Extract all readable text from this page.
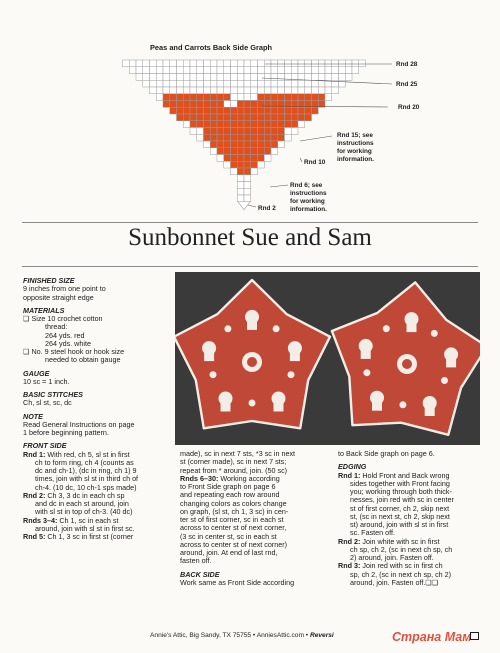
Peas and Carrots Back Side Graph
Rnd 28
Rnd 25
Rnd 20
Rnd 15; see
instructions
for working
information.
Rnd 10
Rnd 6; see
instructions
for working
information.
Rnd 2
Sunbonnet Sue and Sam
FINISHED SIZE
9 inches from one point to
opposite straight edge
MATERIALS
❑ Size 10 crochet cotton
thread:
264 yds. red
264 yds. white
❑ No. 9 steel hook or hook size
needed to obtain gauge
GAUGE
10 sc = 1 inch.
BASIC STITCHES
Ch, sl st, sc, dc
NOTE
Read General Instructions on page
1 before beginning pattern.
FRONT SIDE
Rnd 1: With red, ch 5, sl st in first
ch to form ring, ch 4 (counts as
dc and ch-1), (dc in ring, ch 1) 9
times, join with sl st in third ch of
ch-4. (10 dc, 10 ch-1 sps made)
Rnd 2: Ch 3, 3 dc in each ch sp
and dc in each st around, join
with sl st in top of ch-3. (40 dc)
Rnds 3–4: Ch 1, sc in each st
around, join with sl st in first sc.
Rnd 5: Ch 1, 3 sc in first st (corner
made), sc in next 7 sts, *3 sc in next
st (corner made), sc in next 7 sts;
repeat from * around, join. (50 sc)
Rnds 6–30: Working according
to Front Side graph on page 6
and repeating each row around
changing colors as colors change
on graph, (sl st, ch 1, 3 sc) in cen-
ter st of first corner, sc in each st
across to center st of next corner,
(3 sc in center st, sc in each st
across to center st of next corner)
around, join. At end of last rnd,
fasten off.
BACK SIDE
Work same as Front Side according
to Back Side graph on page 6.
EDGING
Rnd 1: Hold Front and Back wrong
sides together with Front facing
you; working through both thick-
nesses, join red with sc in center
st of first corner, ch 2, skip next
st, (sc in next st, ch 2, skip next
st) around, join with sl st in first
sc. Fasten off.
Rnd 2: Join white with sc in first
ch sp, ch 2, (sc in next ch sp, ch
2) around, join. Fasten off.
Rnd 3: Join red with sc in first ch
sp, ch 2, (sc in next ch sp, ch 2)
around, join. Fasten off.❑❑
Annie's Attic, Big Sandy, TX 75755 • AnniesAttic.com • Reversi	Страна Мам
